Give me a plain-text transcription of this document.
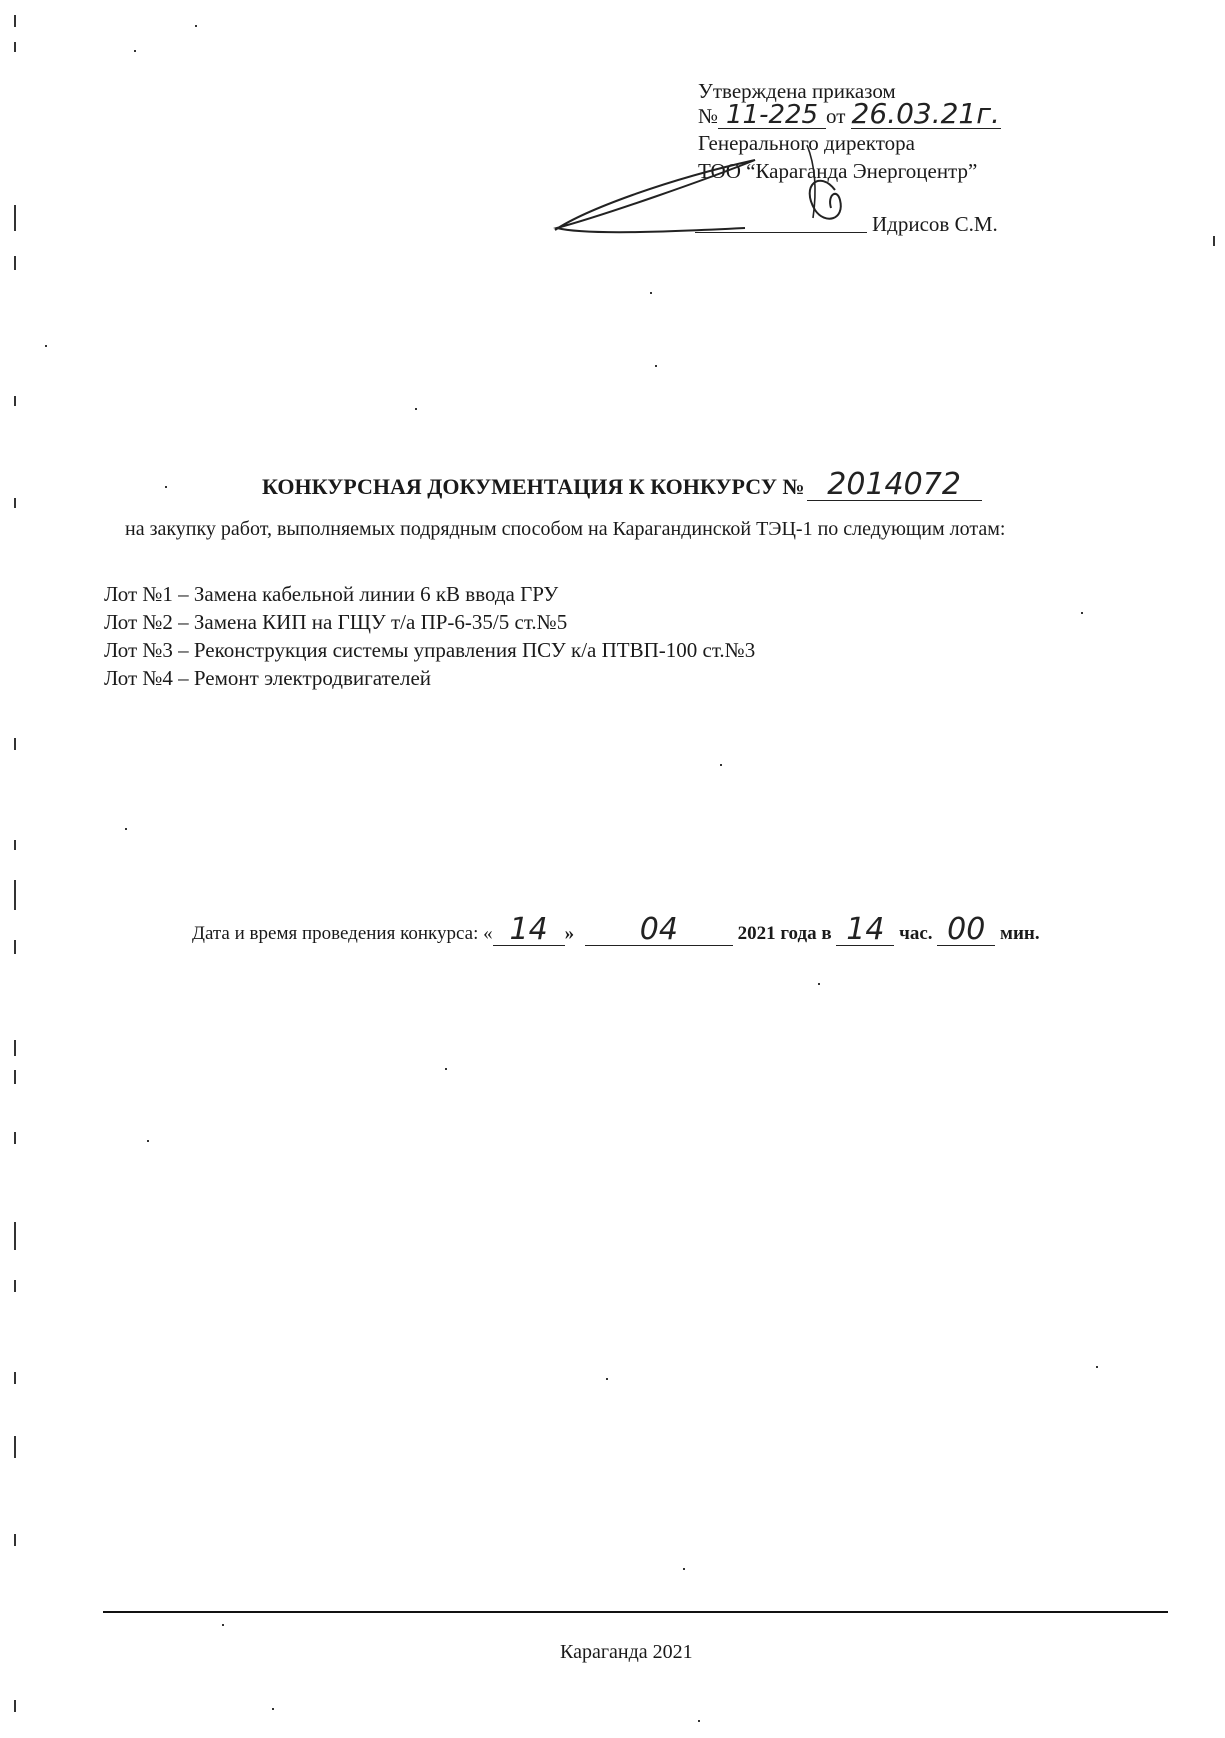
Утверждена приказом
№ 11-225 от 26.03.21г.
Генерального директора
ТОО “Караганда Энергоцентр”
Идрисов С.М.
КОНКУРСНАЯ ДОКУМЕНТАЦИЯ К КОНКУРСУ № 2014072
на закупку работ, выполняемых подрядным способом на Карагандинской ТЭЦ-1 по следующим лотам:
Лот №1 – Замена кабельной линии 6 кВ ввода ГРУ
Лот №2 – Замена КИП на ГЩУ т/а ПР-6-35/5 ст.№5
Лот №3 – Реконструкция системы управления ПСУ к/а ПТВП-100 ст.№3
Лот №4 – Ремонт электродвигателей
Дата и время проведения конкурса: « 14 » 04	2021 года в 14 час. 00 мин.
Караганда 2021
